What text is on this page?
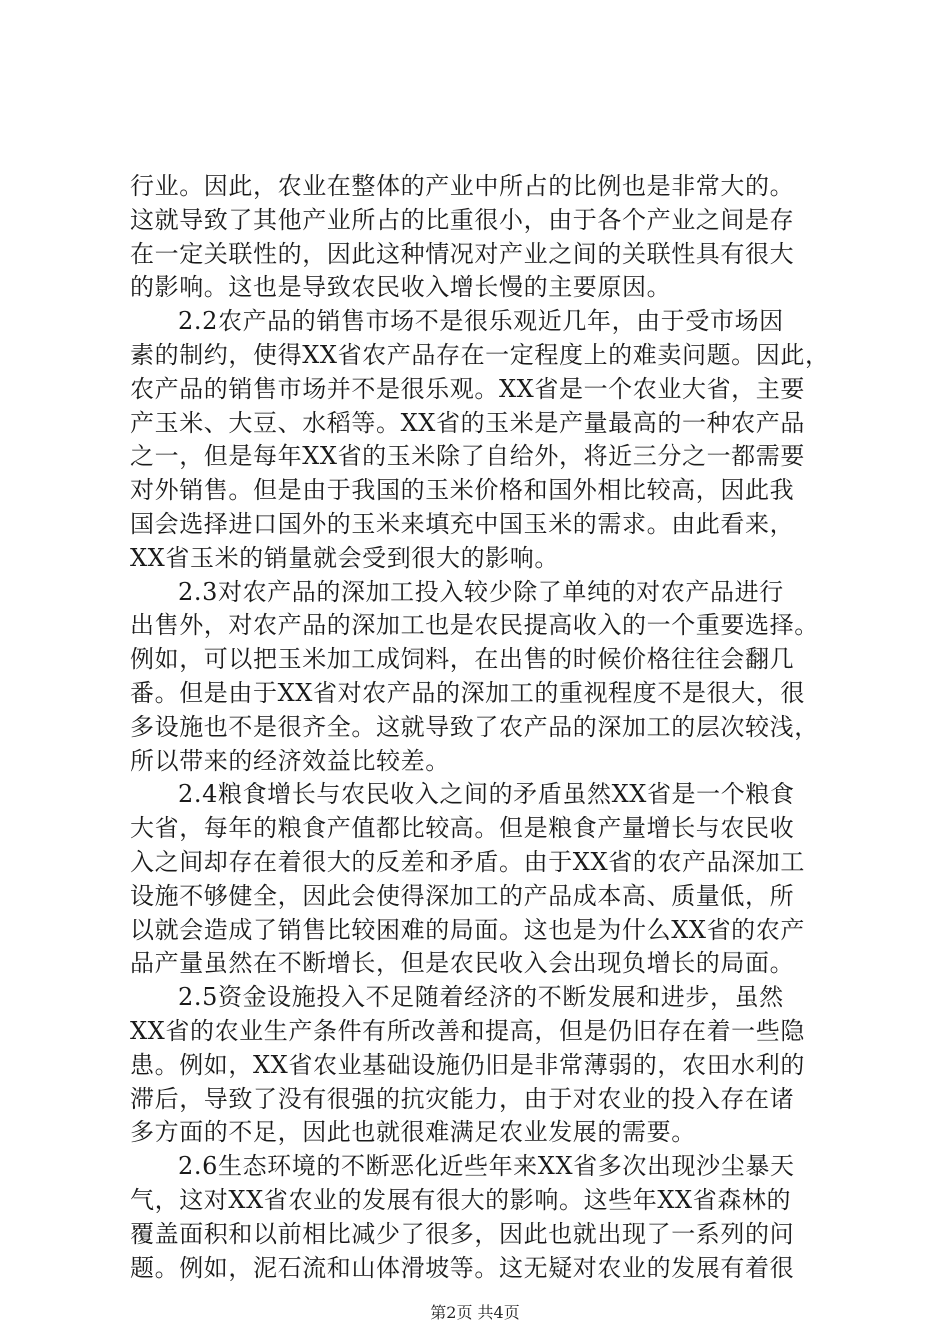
行业。因此，农业在整体的产业中所占的比例也是非常大的。
这就导致了其他产业所占的比重很小，由于各个产业之间是存
在一定关联性的，因此这种情况对产业之间的关联性具有很大
的影响。这也是导致农民收入增长慢的主要原因。
2.2农产品的销售市场不是很乐观近几年，由于受市场因
素的制约，使得XX省农产品存在一定程度上的难卖问题。因此，
农产品的销售市场并不是很乐观。XX省是一个农业大省，主要
产玉米、大豆、水稻等。XX省的玉米是产量最高的一种农产品
之一，但是每年XX省的玉米除了自给外，将近三分之一都需要
对外销售。但是由于我国的玉米价格和国外相比较高，因此我
国会选择进口国外的玉米来填充中国玉米的需求。由此看来，
XX省玉米的销量就会受到很大的影响。
2.3对农产品的深加工投入较少除了单纯的对农产品进行
出售外，对农产品的深加工也是农民提高收入的一个重要选择。
例如，可以把玉米加工成饲料，在出售的时候价格往往会翻几
番。但是由于XX省对农产品的深加工的重视程度不是很大，很
多设施也不是很齐全。这就导致了农产品的深加工的层次较浅，
所以带来的经济效益比较差。
2.4粮食增长与农民收入之间的矛盾虽然XX省是一个粮食
大省，每年的粮食产值都比较高。但是粮食产量增长与农民收
入之间却存在着很大的反差和矛盾。由于XX省的农产品深加工
设施不够健全，因此会使得深加工的产品成本高、质量低，所
以就会造成了销售比较困难的局面。这也是为什么XX省的农产
品产量虽然在不断增长，但是农民收入会出现负增长的局面。
2.5资金设施投入不足随着经济的不断发展和进步，虽然
XX省的农业生产条件有所改善和提高，但是仍旧存在着一些隐
患。例如，XX省农业基础设施仍旧是非常薄弱的，农田水利的
滞后，导致了没有很强的抗灾能力，由于对农业的投入存在诸
多方面的不足，因此也就很难满足农业发展的需要。
2.6生态环境的不断恶化近些年来XX省多次出现沙尘暴天
气，这对XX省农业的发展有很大的影响。这些年XX省森林的
覆盖面积和以前相比减少了很多，因此也就出现了一系列的问
题。例如，泥石流和山体滑坡等。这无疑对农业的发展有着很
第2页 共4页
